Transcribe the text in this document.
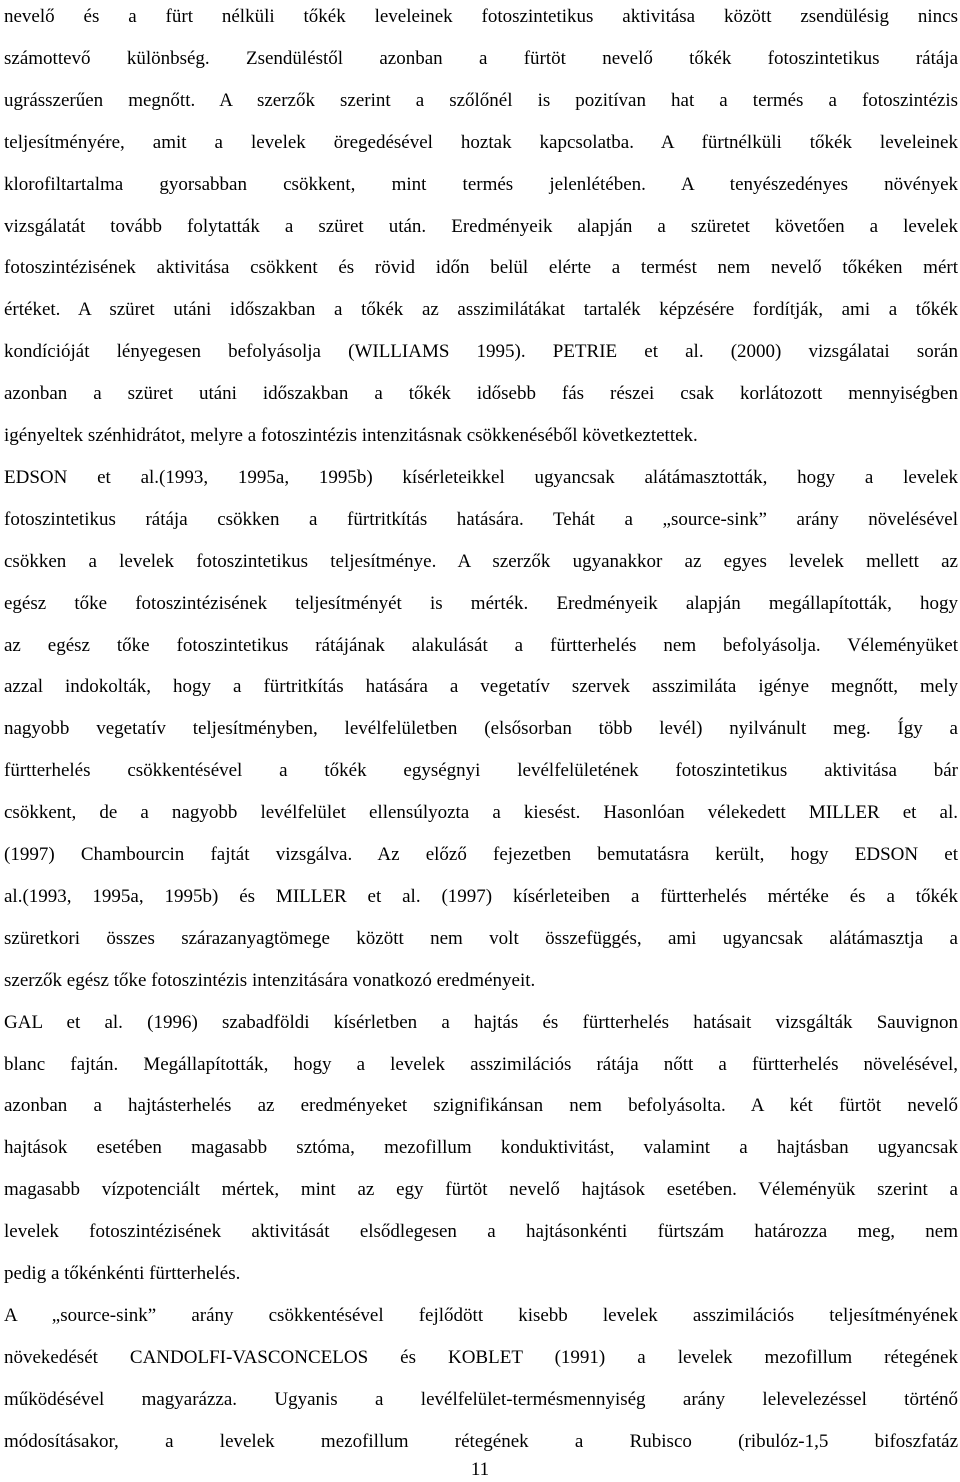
nevelő és a fürt nélküli tőkék leveleinek fotoszintetikus aktivitása között zsendülésig nincs
számottevő különbség. Zsendüléstől azonban a fürtöt nevelő tőkék fotoszintetikus rátája
ugrásszerűen megnőtt. A szerzők szerint a szőlőnél is pozitívan hat a termés a fotoszintézis
teljesítményére, amit a levelek öregedésével hoztak kapcsolatba. A fürtnélküli tőkék leveleinek
klorofiltartalma gyorsabban csökkent, mint termés jelenlétében. A tenyészedényes növények
vizsgálatát tovább folytatták a szüret után. Eredményeik alapján a szüretet követően a levelek
fotoszintézisének aktivitása csökkent és rövid időn belül elérte a termést nem nevelő tőkéken mért
értéket. A szüret utáni időszakban a tőkék az asszimilátákat tartalék képzésére fordítják, ami a tőkék
kondícióját lényegesen befolyásolja (WILLIAMS 1995). PETRIE et al. (2000) vizsgálatai során
azonban a szüret utáni időszakban a tőkék idősebb fás részei csak korlátozott mennyiségben
igényeltek szénhidrátot, melyre a fotoszintézis intenzitásnak csökkenéséből következtettek.
EDSON et al.(1993, 1995a, 1995b) kísérleteikkel ugyancsak alátámasztották, hogy a levelek
fotoszintetikus rátája csökken a fürtritkítás hatására. Tehát a „source-sink” arány növelésével
csökken a levelek fotoszintetikus teljesítménye. A szerzők ugyanakkor az egyes levelek mellett az
egész tőke fotoszintézisének teljesítményét is mérték. Eredményeik alapján megállapították, hogy
az egész tőke fotoszintetikus rátájának alakulását a fürtterhelés nem befolyásolja. Véleményüket
azzal indokolták, hogy a fürtritkítás hatására a vegetatív szervek asszimiláta igénye megnőtt, mely
nagyobb vegetatív teljesítményben, levélfelületben (elsősorban több levél) nyilvánult meg. Így a
fürtterhelés csökkentésével a tőkék egységnyi levélfelületének fotoszintetikus aktivitása bár
csökkent, de a nagyobb levélfelület ellensúlyozta a kiesést. Hasonlóan vélekedett MILLER et al.
(1997) Chambourcin fajtát vizsgálva. Az előző fejezetben bemutatásra került, hogy EDSON et
al.(1993, 1995a, 1995b) és MILLER et al. (1997) kísérleteiben a fürtterhelés mértéke és a tőkék
szüretkori összes szárazanyagtömege között nem volt összefüggés, ami ugyancsak alátámasztja a
szerzők egész tőke fotoszintézis intenzitására vonatkozó eredményeit.
GAL et al. (1996) szabadföldi kísérletben a hajtás és fürtterhelés hatásait vizsgálták Sauvignon
blanc fajtán. Megállapították, hogy a levelek asszimilációs rátája nőtt a fürtterhelés növelésével,
azonban a hajtásterhelés az eredményeket szignifikánsan nem befolyásolta. A két fürtöt nevelő
hajtások esetében magasabb sztóma, mezofillum konduktivitást, valamint a hajtásban ugyancsak
magasabb vízpotenciált mértek, mint az egy fürtöt nevelő hajtások esetében. Véleményük szerint a
levelek fotoszintézisének aktivitását elsődlegesen a hajtásonkénti fürtszám határozza meg, nem
pedig a tőkénkénti fürtterhelés.
A „source-sink” arány csökkentésével fejlődött kisebb levelek asszimilációs teljesítményének
növekedését CANDOLFI-VASCONCELOS és KOBLET (1991) a levelek mezofillum rétegének
működésével magyarázza. Ugyanis a levélfelület-termésmennyiség arány lelevelezéssel történő
módosításakor, a levelek mezofillum rétegének a Rubisco (ribulóz-1,5 bifoszfatáz
11
